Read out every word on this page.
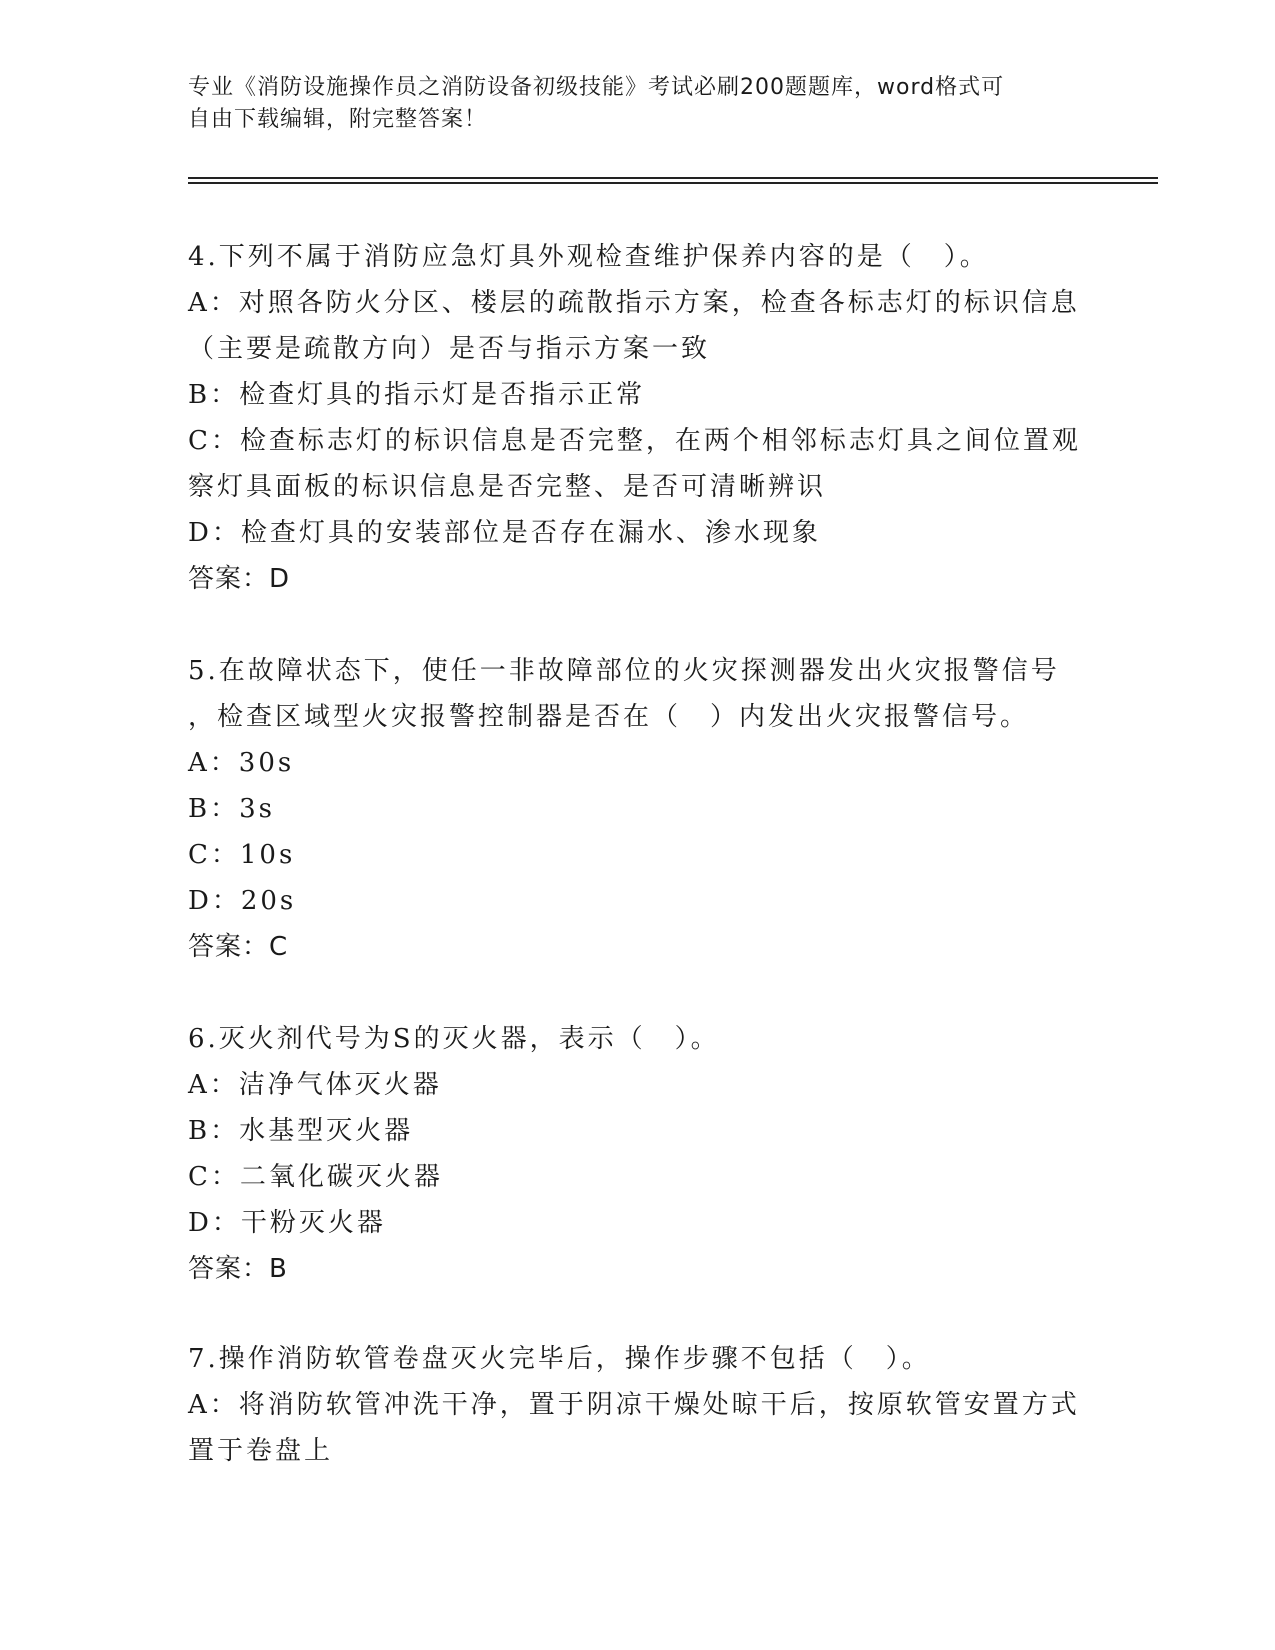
专业《消防设施操作员之消防设备初级技能》考试必刷200题题库，word格式可
自由下载编辑，附完整答案！
4.下列不属于消防应急灯具外观检查维护保养内容的是（　）。
A：对照各防火分区、楼层的疏散指示方案，检查各标志灯的标识信息
（主要是疏散方向）是否与指示方案一致
B：检查灯具的指示灯是否指示正常
C：检查标志灯的标识信息是否完整，在两个相邻标志灯具之间位置观
察灯具面板的标识信息是否完整、是否可清晰辨识
D：检查灯具的安装部位是否存在漏水、渗水现象
答案：D
5.在故障状态下，使任一非故障部位的火灾探测器发出火灾报警信号
，检查区域型火灾报警控制器是否在（　）内发出火灾报警信号。
A：30s
B：3s
C：10s
D：20s
答案：C
6.灭火剂代号为S的灭火器，表示（　）。
A：洁净气体灭火器
B：水基型灭火器
C：二氧化碳灭火器
D：干粉灭火器
答案：B
7.操作消防软管卷盘灭火完毕后，操作步骤不包括（　）。
A：将消防软管冲洗干净，置于阴凉干燥处晾干后，按原软管安置方式
置于卷盘上
